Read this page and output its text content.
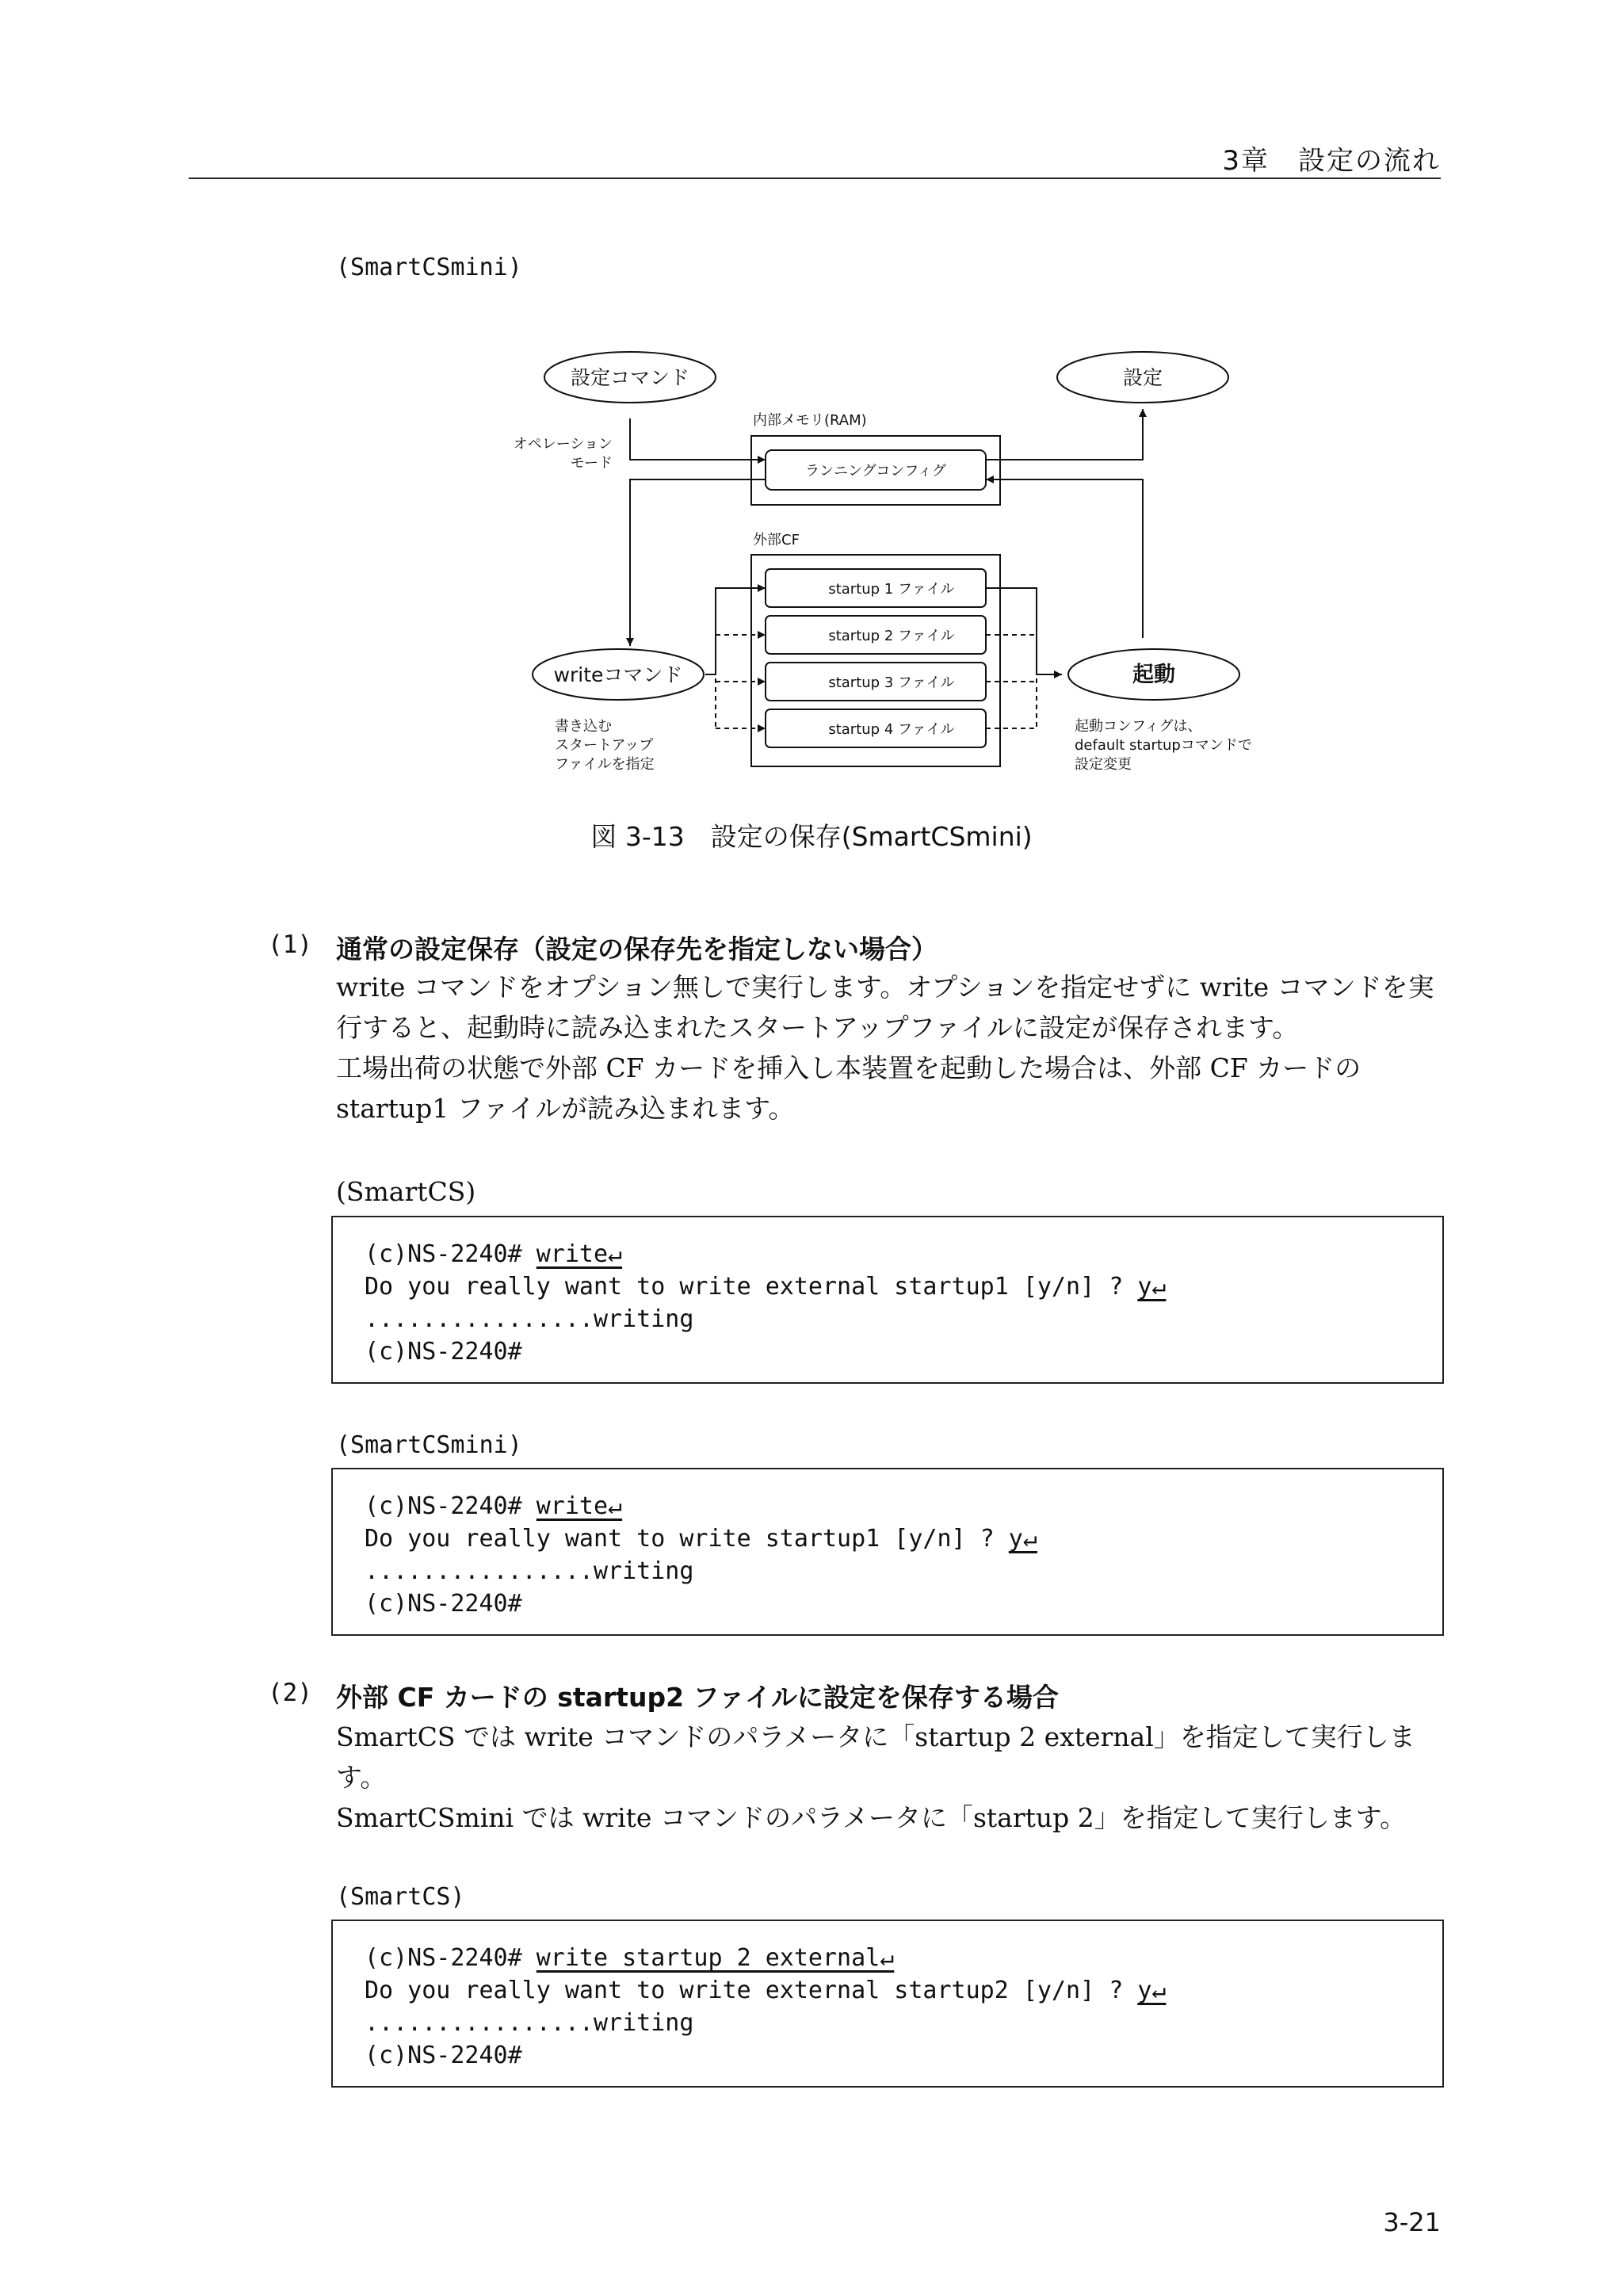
3章　設定の流れ
(SmartCSmini)
設定コマンド	設定
writeコマンド	起動
内部メモリ(RAM)
ランニングコンフィグ
外部CF
startup 1 ファイル
startup 2 ファイル
startup 3 ファイル
startup 4 ファイル
オペレーション
モード
書き込む
スタートアップ
ファイルを指定
起動コンフィグは、
default startupコマンドで
設定変更
図 3-13　設定の保存(SmartCSmini)
(1) 通常の設定保存（設定の保存先を指定しない場合）

write コマンドをオプション無しで実行します。オプションを指定せずに write コマンドを実行すると、起動時に読み込まれたスタートアップファイルに設定が保存されます。

工場出荷の状態で外部 CF カードを挿入し本装置を起動した場合は、外部 CF カードの startup1 ファイルが読み込まれます。

(SmartCS)
(c)NS-2240# write↵
Do you really want to write external startup1 [y/n] ? y↵
................writing
(c)NS-2240#
(SmartCSmini)
(c)NS-2240# write↵
Do you really want to write startup1 [y/n] ? y↵
................writing
(c)NS-2240#
(2) 外部 CF カードの startup2 ファイルに設定を保存する場合

SmartCS では write コマンドのパラメータに「startup 2 external」を指定して実行します。

SmartCSmini では write コマンドのパラメータに「startup 2」を指定して実行します。

(SmartCS)
(c)NS-2240# write startup 2 external↵
Do you really want to write external startup2 [y/n] ? y↵
................writing
(c)NS-2240#
3-21
